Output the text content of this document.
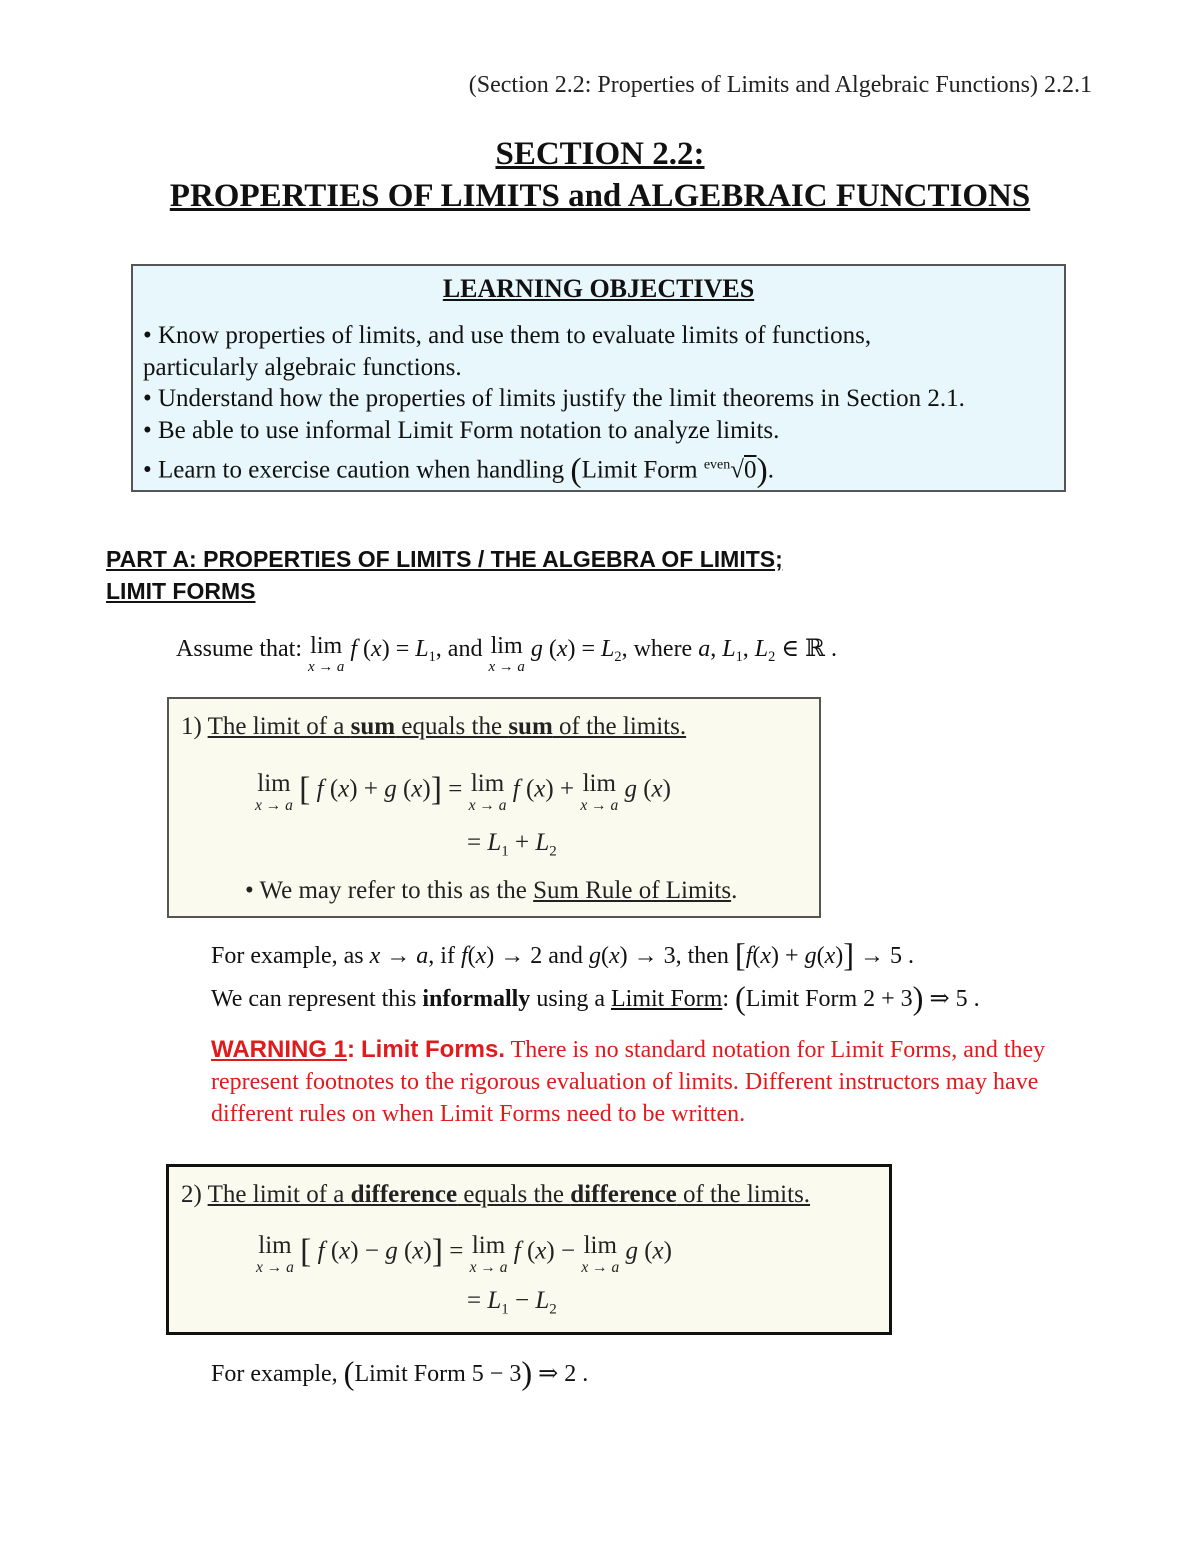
(Section 2.2: Properties of Limits and Algebraic Functions) 2.2.1
SECTION 2.2:
PROPERTIES OF LIMITS and ALGEBRAIC FUNCTIONS
LEARNING OBJECTIVES
• Know properties of limits, and use them to evaluate limits of functions,
particularly algebraic functions.
• Understand how the properties of limits justify the limit theorems in Section 2.1.
• Be able to use informal Limit Form notation to analyze limits.
• Learn to exercise caution when handling (Limit Form $^{even}$√0).
PART A: PROPERTIES OF LIMITS / THE ALGEBRA OF LIMITS;
LIMIT FORMS
Assume that: lim
x → a
f $(x) = L_1$, and lim
x → a
g $(x) = L_2$, where a, $L_1$, $L_2$ ∈ ℝ .
1) The limit of a sum equals the sum of the limits.
lim
x → a [ f (x) + g (x)] = lim
x → a
f (x) + lim
x → a
g (x)
= $L_1 + L_2$
• We may refer to this as the Sum Rule of Limits.
For example, as x → a, if f(x) → 2 and g(x) → 3, then [f(x) + g(x)] → 5 .
We can represent this informally using a Limit Form: (Limit Form 2 + 3) ⇒ 5 .
WARNING 1: Limit Forms. There is no standard notation for Limit Forms, and they represent footnotes to the rigorous evaluation of limits. Different instructors may have different rules on when Limit Forms need to be written.
2) The limit of a difference equals the difference of the limits.
lim
x → a [ f (x) − g (x)] = lim
x → a
f (x) − lim
x → a
g (x)
= $L_1 - L_2$
For example, (Limit Form 5 − 3) ⇒ 2 .
